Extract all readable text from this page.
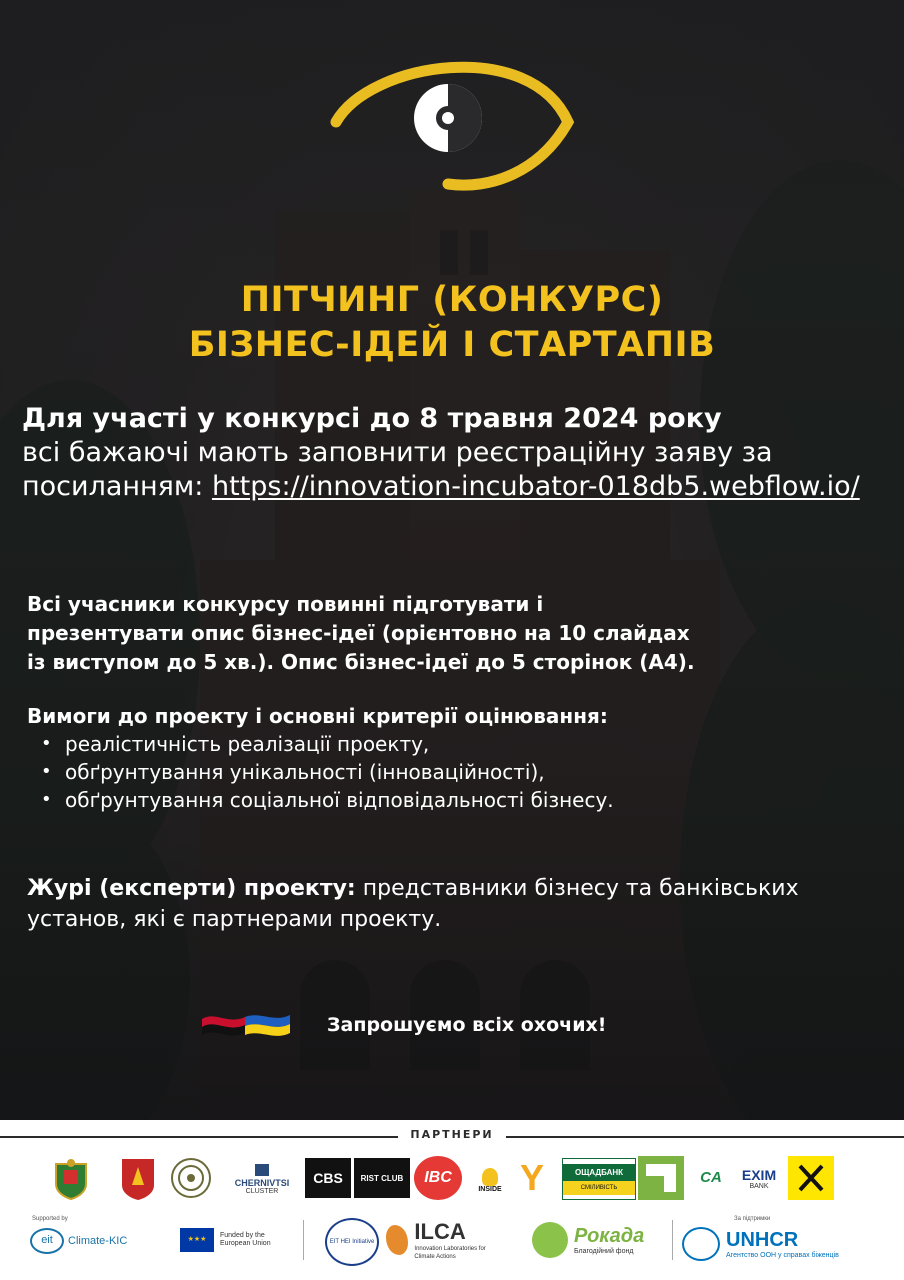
ПІТЧИНГ (КОНКУРС)
БІЗНЕС-ІДЕЙ І СТАРТАПІВ
Для участі у конкурсі до 8 травня 2024 року
всі бажаючі мають заповнити реєстраційну заяву за посиланням: https://innovation-incubator-018db5.webflow.io/
Всі учасники конкурсу повинні підготувати і
презентувати опис бізнес-ідеї (орієнтовно на 10 слайдах
із виступом до 5 хв.). Опис бізнес-ідеї до 5 сторінок (А4).
Вимоги до проекту і основні критерії оцінювання:
• реалістичність реалізації проекту,
• обґрунтування унікальності (інноваційності),
• обґрунтування соціальної відповідальності бізнесу.
Журі (експерти) проекту: представники бізнесу та банківських установ, які є партнерами проекту.
Запрошуємо всіх охочих!
ПАРТНЕРИ
CHERNIVTSI
CLUSTER
CBS	RIST CLUB	IBC
INSIDE Y	ОЩАДБАНК
СМІЛИВІСТЬ
CA	EXIM
BANK
Supported by
eit	Climate-KIC	★★★
Funded by the European Union	EIT HEI Initiative ILCA
Innovation Laboratories for Climate Actions
Рокада
Благодійний фонд
За підтримки
UNHCR
Агентство ООН у справах біженців
